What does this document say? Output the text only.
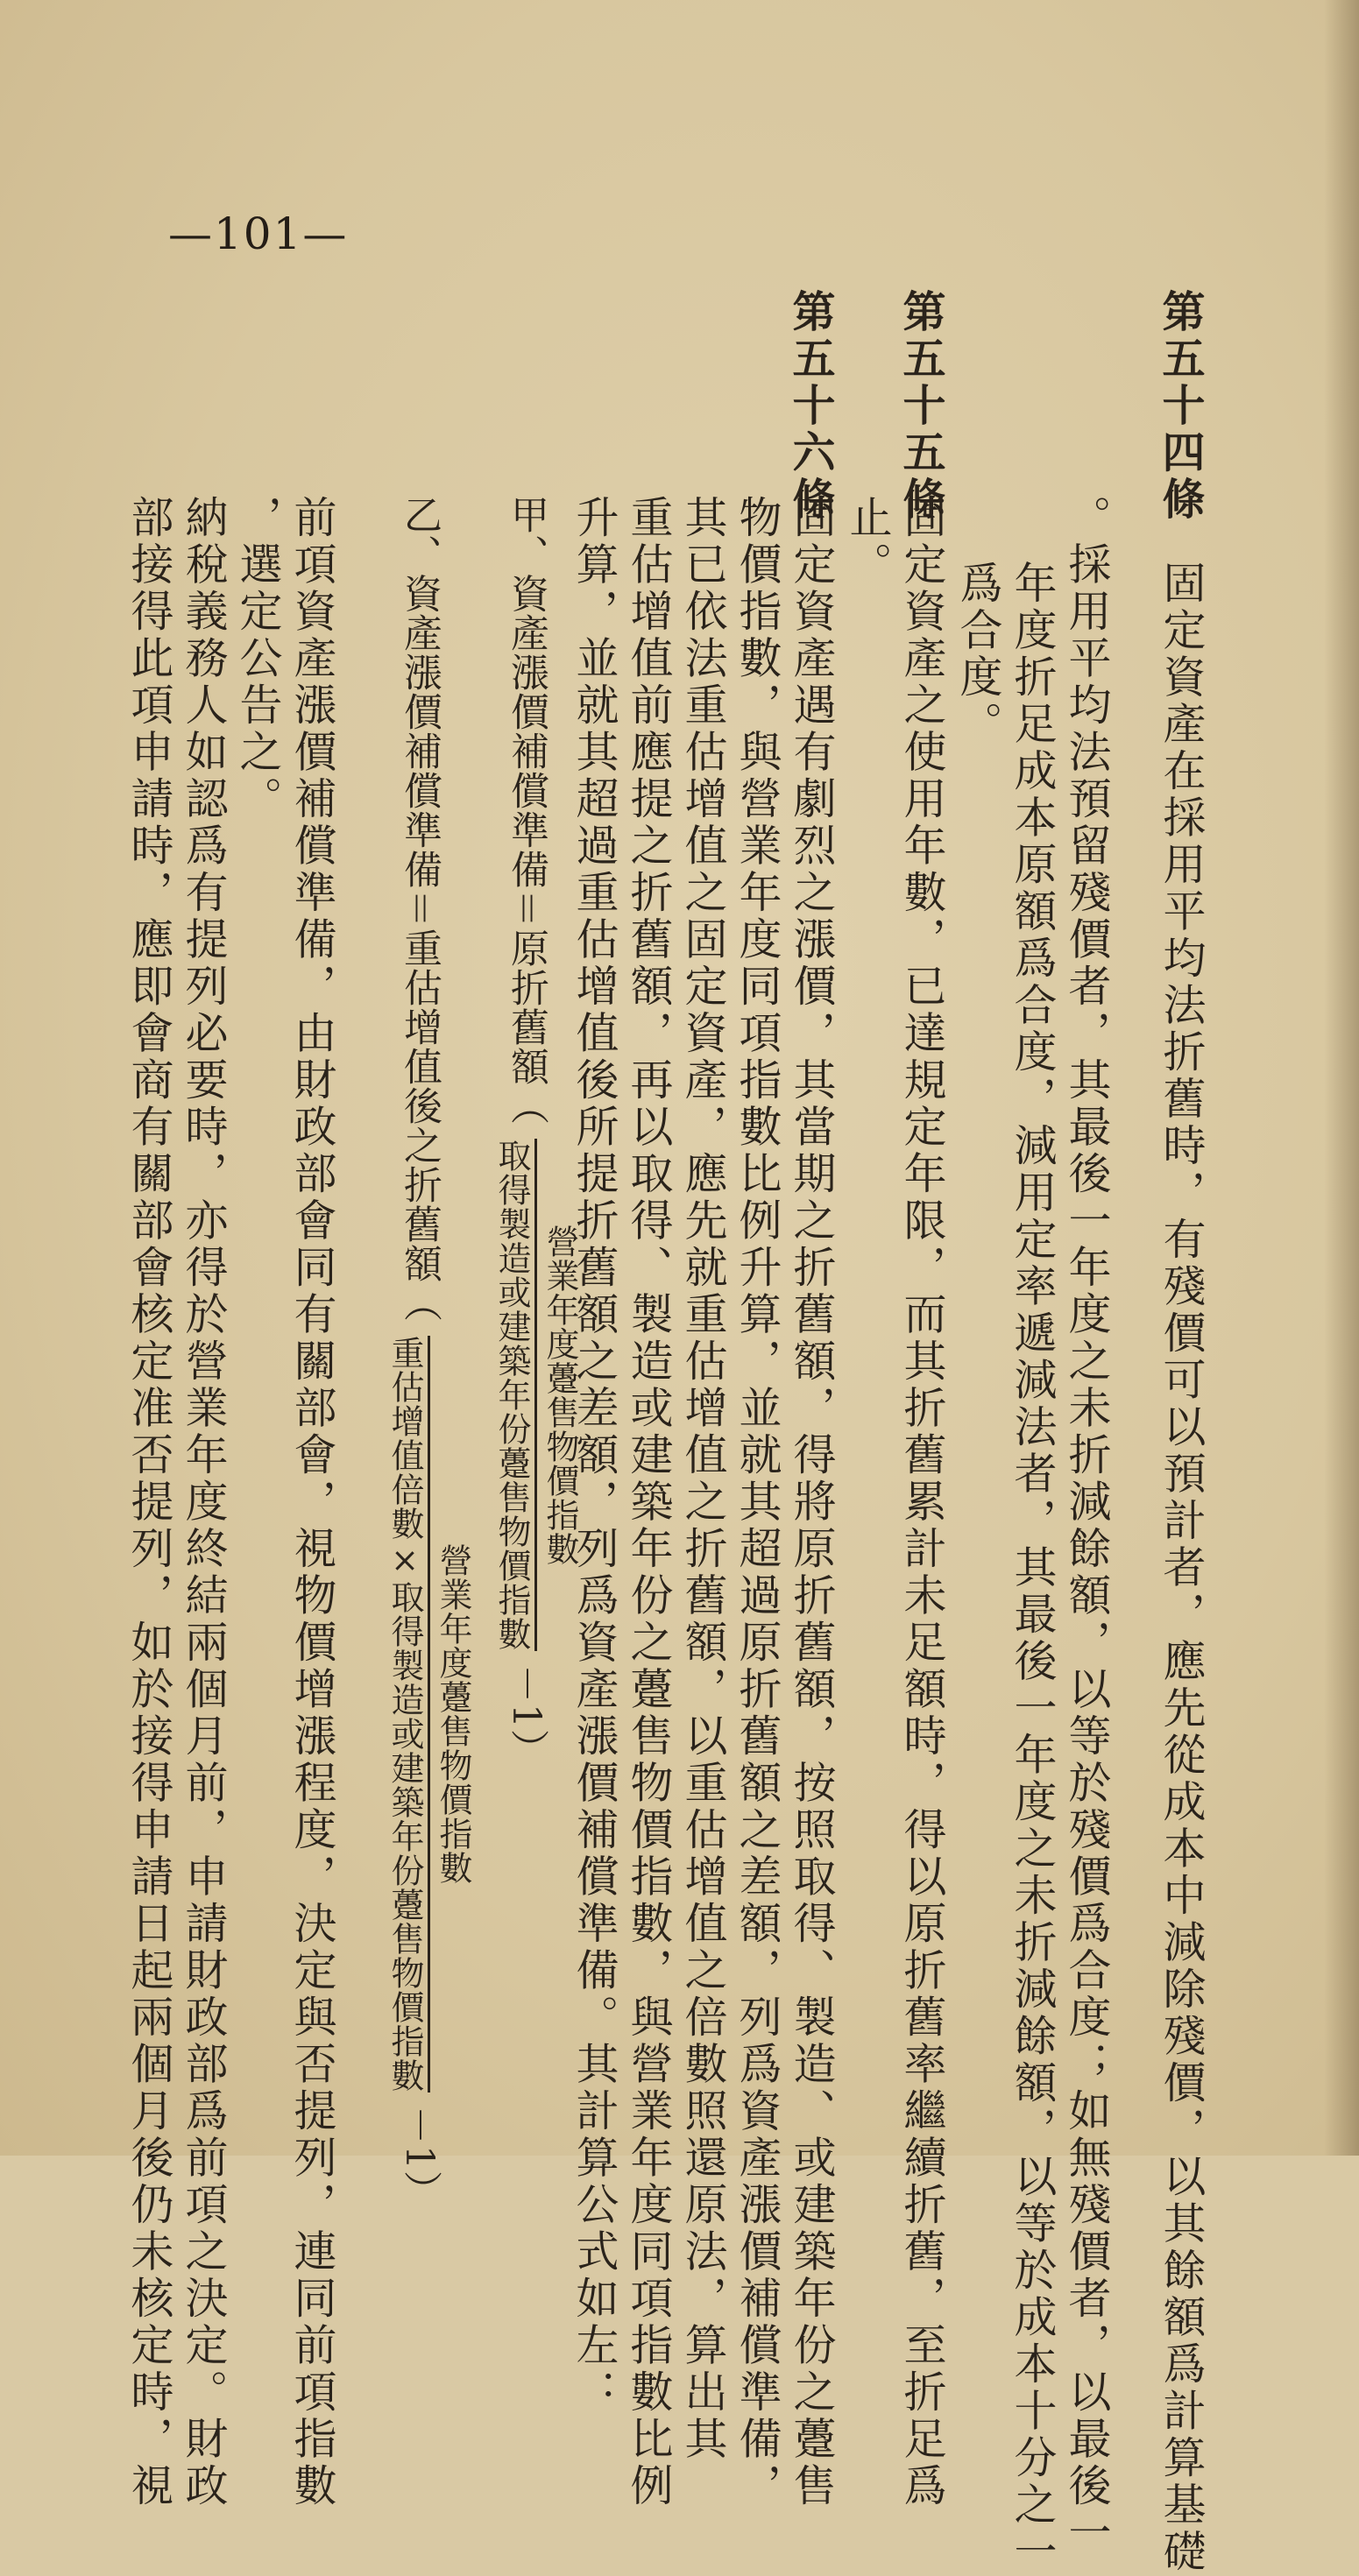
—101—
第五十四條
固定資產在採用平均法折舊時，有殘價可以預計者，應先從成本中減除殘價，以其餘額爲計算基礎
。採用平均法預留殘價者，其最後一年度之未折減餘額，以等於殘價爲合度；如無殘價者，以最後一
年度折足成本原額爲合度，減用定率遞減法者，其最後一年度之未折減餘額，以等於成本十分之一
爲合度。
第五十五條
固定資產之使用年數，已達規定年限，而其折舊累計未足額時，得以原折舊率繼續折舊，至折足爲
止。
第五十六條
固定資產遇有劇烈之漲價，其當期之折舊額，得將原折舊額，按照取得、製造、或建築年份之躉售
物價指數，與營業年度同項指數比例升算，並就其超過原折舊額之差額，列爲資產漲價補償準備，
其已依法重估增值之固定資產，應先就重估增值之折舊額，以重估增值之倍數照還原法，算出其
重估增值前應提之折舊額，再以取得、製造或建築年份之躉售物價指數，與營業年度同項指數比例
升算，並就其超過重估增值後所提折舊額之差額，列爲資產漲價補償準備。其計算公式如左：
甲、資產漲價補償準備＝原折舊額（
取得製造或建築年份躉售物價指數 營業年度躉售物價指數
－1）
乙、資產漲價補償準備＝重估增值後之折舊額（
重估增值倍數×取得製造或建築年份躉售物價指數 營業年度躉售物價指數
－1）
前項資產漲價補償準備，由財政部會同有關部會，視物價增漲程度，決定與否提列，連同前項指數
，選定公告之。
納稅義務人如認爲有提列必要時，亦得於營業年度終結兩個月前，申請財政部爲前項之決定。財政
部接得此項申請時，應即會商有關部會核定准否提列，如於接得申請日起兩個月後仍未核定時，視
